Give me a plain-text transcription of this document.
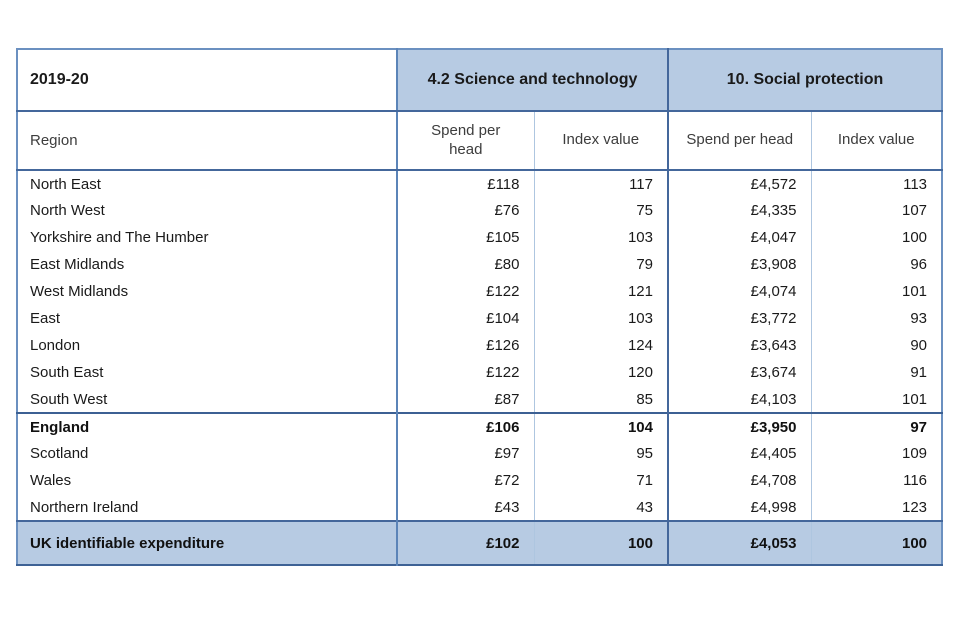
2019-20	4.2 Science and technology		10. Social protection	
Region	Spend per head	Index value	Spend per head	Index value
North East	£118	117	£4,572	113
North West	£76	75	£4,335	107
Yorkshire and The Humber	£105	103	£4,047	100
East Midlands	£80	79	£3,908	96
West Midlands	£122	121	£4,074	101
East	£104	103	£3,772	93
London	£126	124	£3,643	90
South East	£122	120	£3,674	91
South West	£87	85	£4,103	101
England	£106	104	£3,950	97
Scotland	£97	95	£4,405	109
Wales	£72	71	£4,708	116
Northern Ireland	£43	43	£4,998	123
UK identifiable expenditure	£102	100	£4,053	100
